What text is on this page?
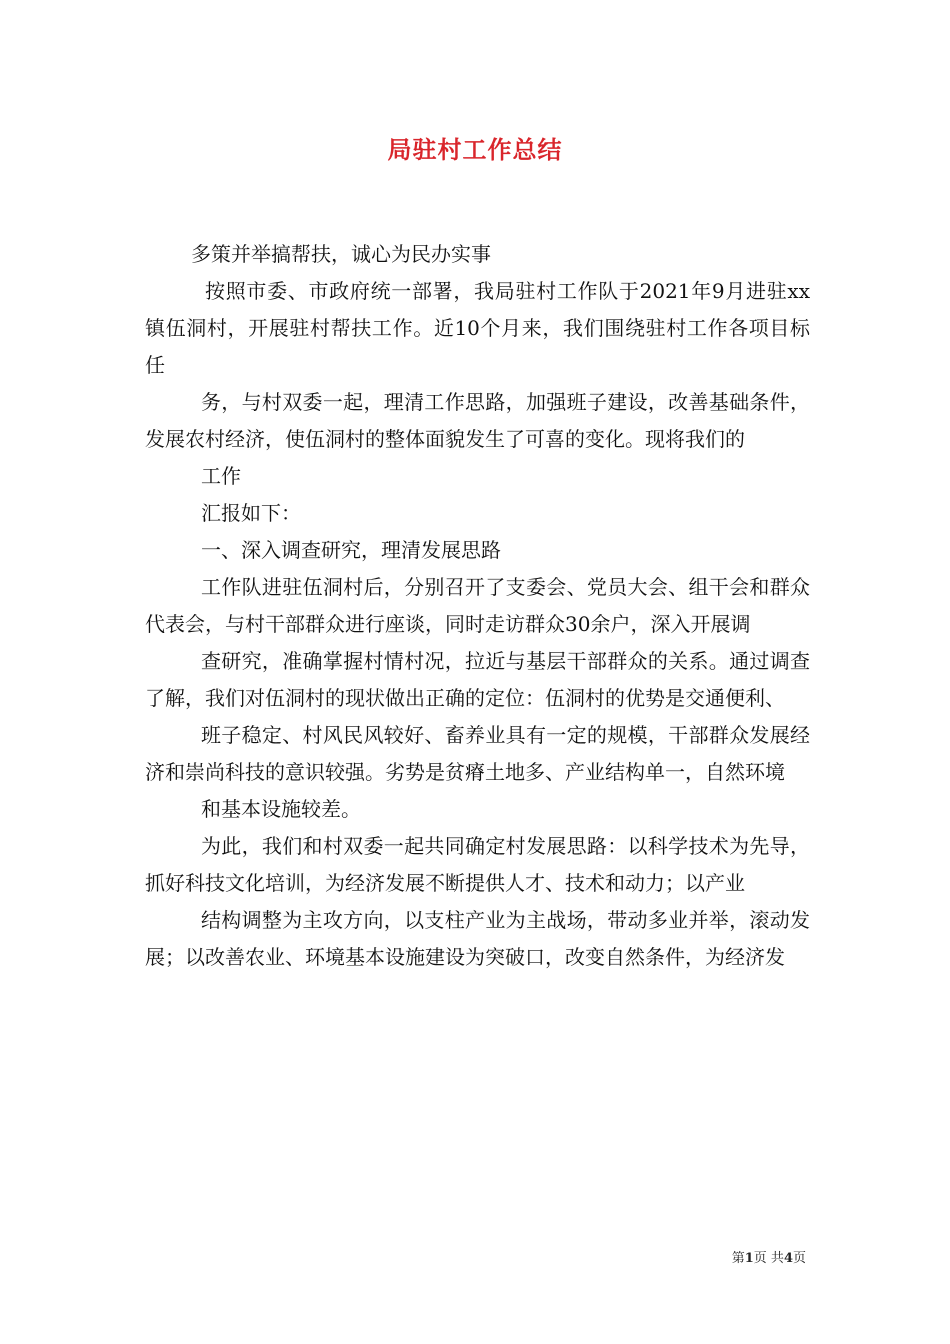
局驻村工作总结

多策并举搞帮扶，诚心为民办实事

按照市委、市政府统一部署，我局驻村工作队于2021年9月进驻xx镇伍洞村，开展驻村帮扶工作。近10个月来，我们围绕驻村工作各项目标任

务，与村双委一起，理清工作思路，加强班子建设，改善基础条件，发展农村经济，使伍洞村的整体面貌发生了可喜的变化。现将我们的

工作

汇报如下：

一、深入调查研究，理清发展思路

工作队进驻伍洞村后，分别召开了支委会、党员大会、组干会和群众代表会，与村干部群众进行座谈，同时走访群众30余户，深入开展调

查研究，准确掌握村情村况，拉近与基层干部群众的关系。通过调查了解，我们对伍洞村的现状做出正确的定位：伍洞村的优势是交通便利、

班子稳定、村风民风较好、畜养业具有一定的规模，干部群众发展经济和崇尚科技的意识较强。劣势是贫瘠土地多、产业结构单一，自然环境

和基本设施较差。

为此，我们和村双委一起共同确定村发展思路：以科学技术为先导，抓好科技文化培训，为经济发展不断提供人才、技术和动力；以产业

结构调整为主攻方向，以支柱产业为主战场，带动多业并举，滚动发展；以改善农业、环境基本设施建设为突破口，改变自然条件，为经济发

第1页 共4页
